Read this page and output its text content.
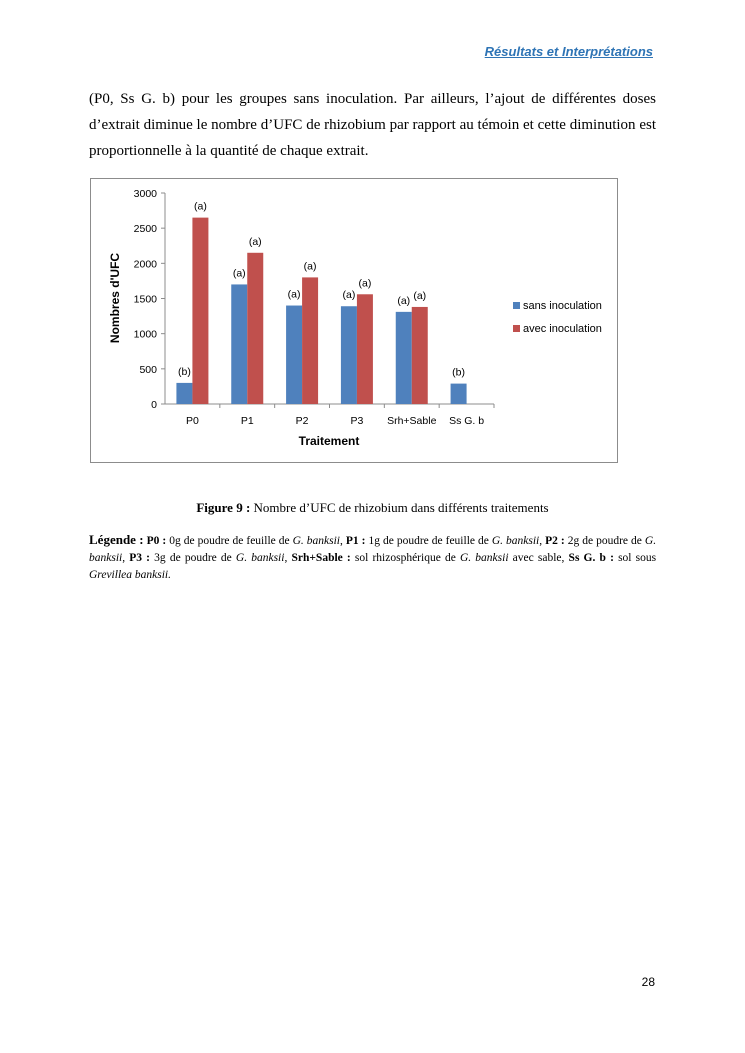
Résultats et Interprétations
(P0, Ss G. b) pour les groupes sans inoculation. Par ailleurs, l’ajout de différentes doses
d’extrait diminue le nombre d’UFC de rhizobium par rapport au témoin et cette diminution est
proportionnelle à la quantité de chaque extrait.
0
500
1000
1500
2000
2500
3000
P0
(b)
(a)
P1
(a)
(a)
P2
(a)
(a)
P3
(a)
(a)
Srh+Sable
(a) (a)
Ss G. b
(b)
Nombres d'UFC
Traitement
sans inoculation
avec inoculation
Figure 9 : Nombre d’UFC de rhizobium dans différents traitements
Légende : P0 : 0g de poudre de feuille de G. banksii, P1 : 1g de poudre de feuille de G. banksii, P2 : 2g de poudre de G. banksii, P3 : 3g de poudre de G. banksii, Srh+Sable : sol rhizosphérique de G. banksii avec sable, Ss G. b : sol sous Grevillea banksii.
28
